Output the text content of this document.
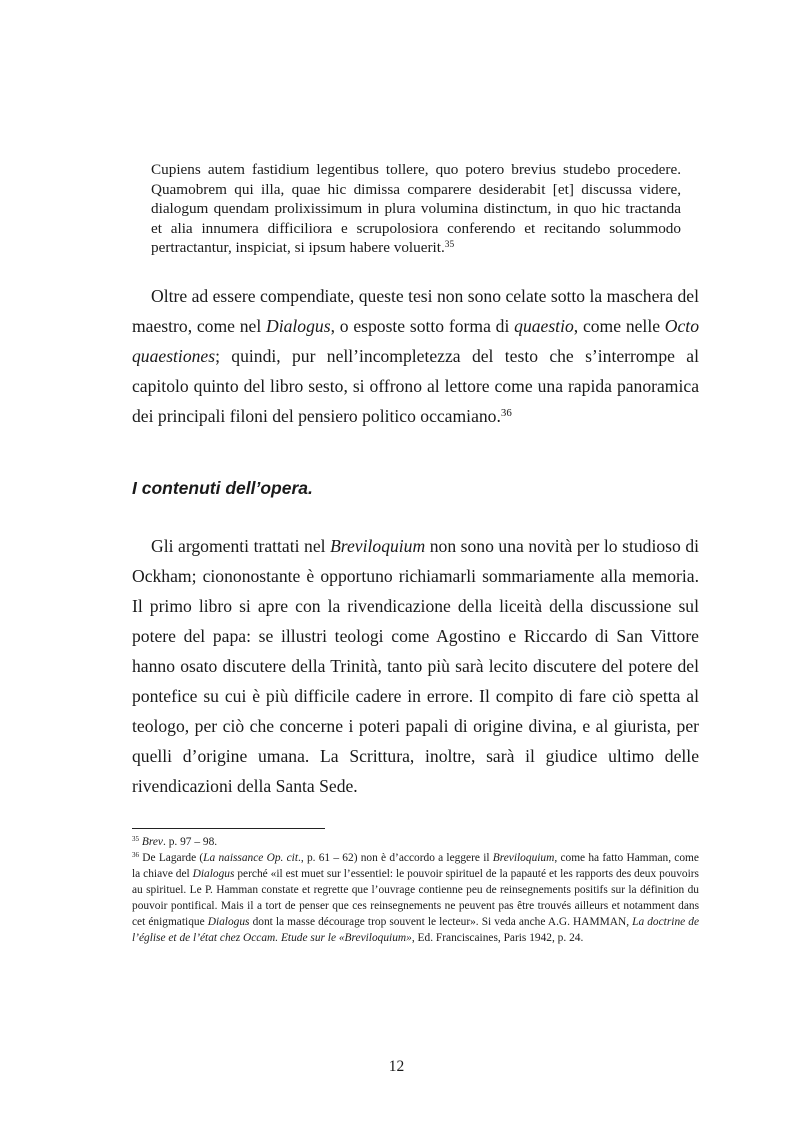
Cupiens autem fastidium legentibus tollere, quo potero brevius studebo procedere. Quamobrem qui illa, quae hic dimissa comparere desiderabit [et] discussa videre, dialogum quendam prolixissimum in plura volumina distinctum, in quo hic tractanda et alia innumera difficiliora e scrupolosiora conferendo et recitando solummodo pertractantur, inspiciat, si ipsum habere voluerit.$^{35}$
Oltre ad essere compendiate, queste tesi non sono celate sotto la maschera del maestro, come nel Dialogus, o esposte sotto forma di quaestio, come nelle Octo quaestiones; quindi, pur nell’incompletezza del testo che s’interrompe al capitolo quinto del libro sesto, si offrono al lettore come una rapida panoramica dei principali filoni del pensiero politico occamiano.$^{36}$
I contenuti dell’opera.
Gli argomenti trattati nel Breviloquium non sono una novità per lo studioso di Ockham; ciononostante è opportuno richiamarli sommariamente alla memoria. Il primo libro si apre con la rivendicazione della liceità della discussione sul potere del papa: se illustri teologi come Agostino e Riccardo di San Vittore hanno osato discutere della Trinità, tanto più sarà lecito discutere del potere del pontefice su cui è più difficile cadere in errore. Il compito di fare ciò spetta al teologo, per ciò che concerne i poteri papali di origine divina, e al giurista, per quelli d’origine umana. La Scrittura, inoltre, sarà il giudice ultimo delle rivendicazioni della Santa Sede.

$^{35}$ Brev. p. 97 – 98.

$^{36}$ De Lagarde (La naissance Op. cit., p. 61 – 62) non è d’accordo a leggere il Breviloquium, come ha fatto Hamman, come la chiave del Dialogus perché «il est muet sur l’essentiel: le pouvoir spirituel de la papauté et les rapports des deux pouvoirs au spirituel. Le P. Hamman constate et regrette que l’ouvrage contienne peu de reinsegnements positifs sur la définition du pouvoir pontifical. Mais il a tort de penser que ces reinsegnements ne peuvent pas être trouvés ailleurs et notamment dans cet énigmatique Dialogus dont la masse décourage trop souvent le lecteur». Si veda anche A.G. HAMMAN, La doctrine de l’église et de l’état chez Occam. Etude sur le «Breviloquium», Ed. Franciscaines, Paris 1942, p. 24.

12
